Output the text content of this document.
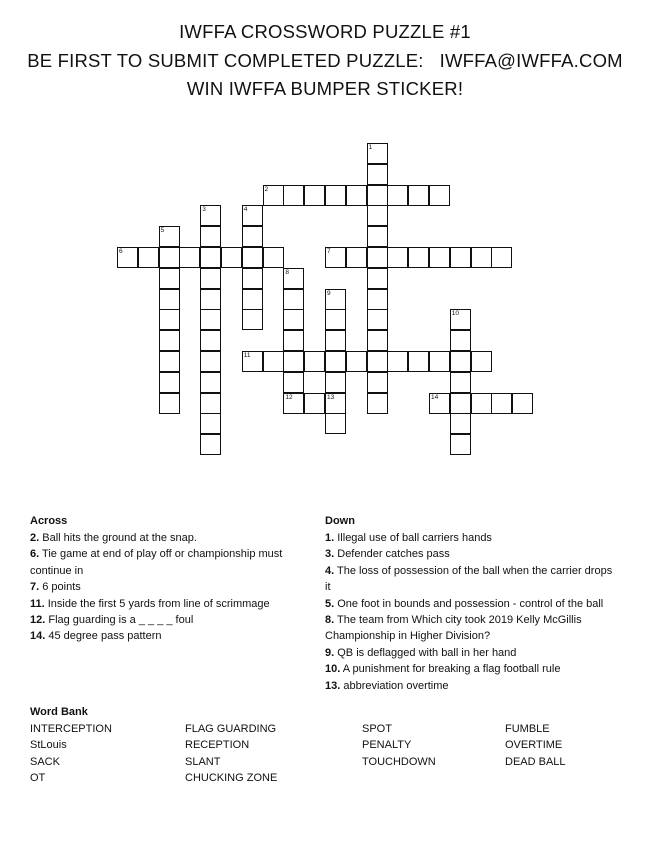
IWFFA CROSSWORD PUZZLE #1
BE FIRST TO SUBMIT COMPLETED PUZZLE:   IWFFA@IWFFA.COM
WIN IWFFA BUMPER STICKER!
1
2
3	4
5
6	7
8
12
9
10
11
13	14
Across
2. Ball hits the ground at the snap.
6. Tie game at end of play off or championship must continue in
7. 6 points
11. Inside the first 5 yards from line of scrimmage
12. Flag guarding is a _ _ _ _ foul
14. 45 degree pass pattern
Down
1. Illegal use of ball carriers hands
3. Defender catches pass
4. The loss of possession of the ball when the carrier drops it
5. One foot in bounds and possession - control of the ball
8. The team from Which city took 2019 Kelly McGillis Championship in Higher Division?
9. QB is deflagged with ball in her hand
10. A punishment for breaking a flag football rule
13. abbreviation overtime
Word Bank
INTERCEPTION
StLouis
SACK
OT
FLAG GUARDING
RECEPTION
SLANT
CHUCKING ZONE
SPOT
PENALTY
TOUCHDOWN
FUMBLE
OVERTIME
DEAD BALL
